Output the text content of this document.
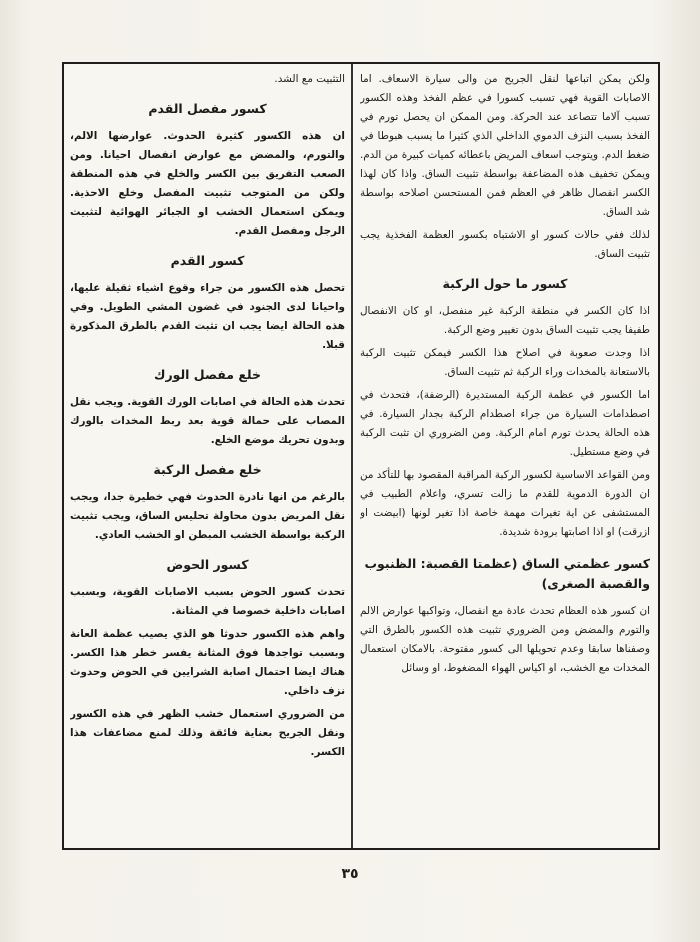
ولكن يمكن اتباعها لنقل الجريح من والى سيارة الاسعاف. اما الاصابات القوية فهي تسبب كسورا في عظم الفخذ وهذه الكسور تسبب آلاما تتصاعد عند الحركة. ومن الممكن ان يحصل تورم في الفخذ بسبب النزف الدموي الداخلي الذي كثيرا ما يسبب هبوطا في ضغط الدم. ويتوجب اسعاف المريض باعطائه كميات كبيرة من الدم. ويمكن تخفيف هذه المضاعفة بواسطة تثبيت الساق. واذا كان لهذا الكسر انفصال ظاهر في العظم فمن المستحسن اصلاحه بواسطة شد الساق.

لذلك ففي حالات كسور او الاشتباه بكسور العظمة الفخذية يجب تثبيت الساق.

كسور ما حول الركبة

اذا كان الكسر في منطقة الركبة غير منفصل، او كان الانفصال طفيفا يجب تثبيت الساق بدون تغيير وضع الركبة.

اذا وجدت صعوبة في اصلاح هذا الكسر فيمكن تثبيت الركبة بالاستعانة بالمخدات وراء الركبة ثم تثبيت الساق.

اما الكسور في عظمة الركبة المستديرة (الرضفة)، فتحدث في اصطدامات السيارة من جراء اصطدام الركبة بجدار السيارة. في هذه الحالة يحدث تورم امام الركبة. ومن الضروري ان تثبت الركبة في وضع مستطيل.

ومن القواعد الاساسية لكسور الركبة المراقبة المقصود بها للتأكد من ان الدورة الدموية للقدم ما زالت تسري، واعلام الطبيب في المستشفى عن اية تغيرات مهمة خاصة اذا تغير لونها (ابيضت او ازرقت) او اذا اصابتها برودة شديدة.

كسور عظمتي الساق (عظمتا القصبة: الظنبوب والقصبة الصغرى)

ان كسور هذه العظام تحدث عادة مع انفصال، وتواكبها عوارض الالم والتورم والمضض ومن الضروري تثبيت هذه الكسور بالطرق التي وصفناها سابقا وعدم تحويلها الى كسور مفتوحة. بالامكان استعمال المخدات مع الخشب، او اكياس الهواء المضغوط، او وسائل

التثبيت مع الشد.

كسور مفصل القدم

ان هذه الكسور كثيرة الحدوث. عوارضها الالم، والتورم، والمضض مع عوارض انفصال احيانا. ومن الصعب التفريق بين الكسر والخلع في هذه المنطقة ولكن من المتوجب تثبيت المفصل وخلع الاحذية. ويمكن استعمال الخشب او الجبائر الهوائية لتثبيت الرجل ومفصل القدم.

كسور القدم

تحصل هذه الكسور من جراء وقوع اشياء ثقيلة عليها، واحيانا لدى الجنود في غضون المشي الطويل. وفي هذه الحالة ايضا يجب ان تثبت القدم بالطرق المذكورة قبلا.

خلع مفصل الورك

تحدث هذه الحالة في اصابات الورك القوية. ويجب نقل المصاب على حمالة قوية بعد ربط المخدات بالورك وبدون تحريك موضع الخلع.

خلع مفصل الركبة

بالرغم من انها نادرة الحدوث فهي خطيرة جدا، ويجب نقل المريض بدون محاولة تحليس الساق، ويجب تثبيت الركبة بواسطة الخشب المبطن او الخشب العادي.

كسور الحوض

تحدث كسور الحوض بسبب الاصابات القوية، وبسبب اصابات داخلية خصوصا في المثانة.

واهم هذه الكسور حدوثا هو الذي يصيب عظمة العانة وبسبب تواجدها فوق المثانة يفسر خطر هذا الكسر. هناك ايضا احتمال اصابة الشرايين في الحوض وحدوث نزف داخلي.

من الضروري استعمال خشب الظهر في هذه الكسور ونقل الجريح بعناية فائقة وذلك لمنع مضاعفات هذا الكسر.

٣٥
